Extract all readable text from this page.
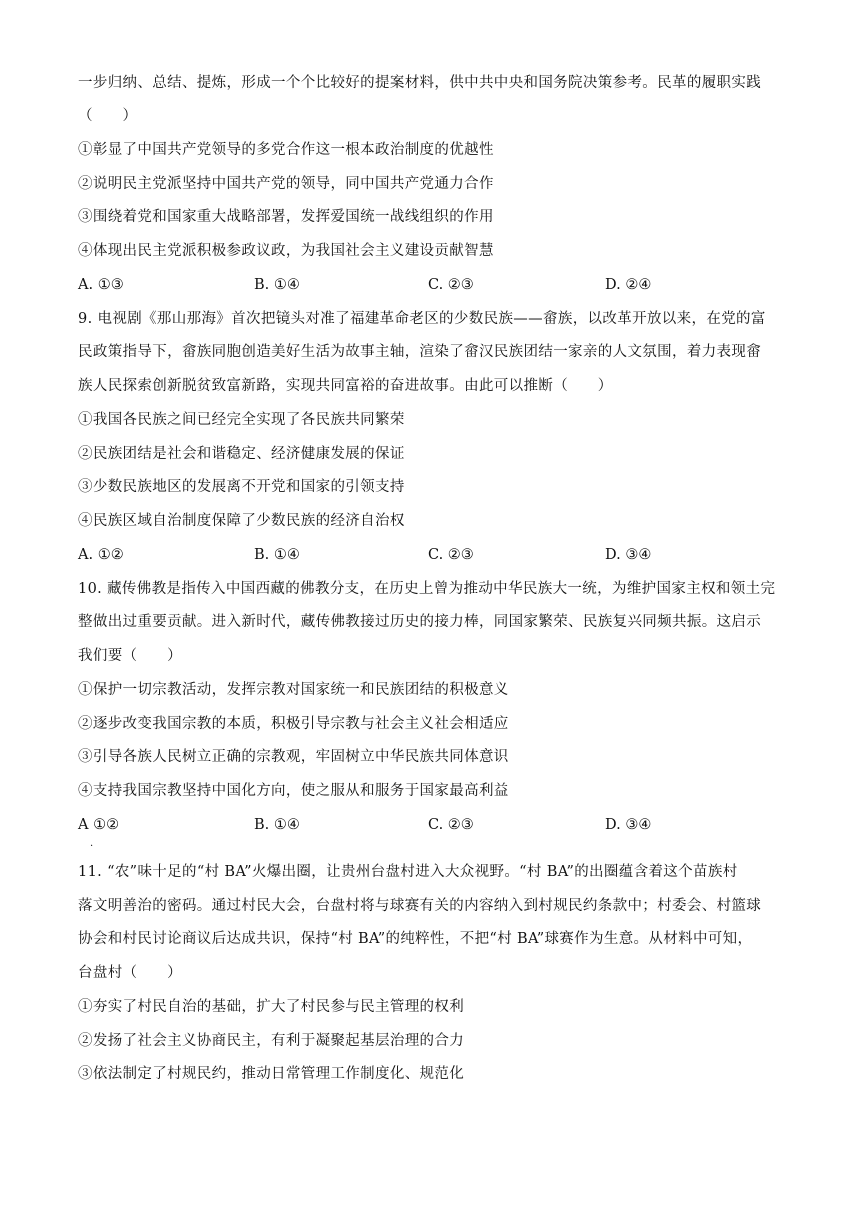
一步归纳、总结、提炼，形成一个个比较好的提案材料，供中共中央和国务院决策参考。民革的履职实践
（　　）
①彰显了中国共产党领导的多党合作这一根本政治制度的优越性
②说明民主党派坚持中国共产党的领导，同中国共产党通力合作
③围绕着党和国家重大战略部署，发挥爱国统一战线组织的作用
④体现出民主党派积极参政议政，为我国社会主义建设贡献智慧
A. ①③	B. ①④	C. ②③	D. ②④
9. 电视剧《那山那海》首次把镜头对准了福建革命老区的少数民族——畲族，以改革开放以来，在党的富
民政策指导下，畲族同胞创造美好生活为故事主轴，渲染了畲汉民族团结一家亲的人文氛围，着力表现畲
族人民探索创新脱贫致富新路，实现共同富裕的奋进故事。由此可以推断（　　）
①我国各民族之间已经完全实现了各民族共同繁荣
②民族团结是社会和谐稳定、经济健康发展的保证
③少数民族地区的发展离不开党和国家的引领支持
④民族区域自治制度保障了少数民族的经济自治权
A. ①②	B. ①④	C. ②③	D. ③④
10. 藏传佛教是指传入中国西藏的佛教分支，在历史上曾为推动中华民族大一统，为维护国家主权和领土完
整做出过重要贡献。进入新时代，藏传佛教接过历史的接力棒，同国家繁荣、民族复兴同频共振。这启示
我们要（　　）
①保护一切宗教活动，发挥宗教对国家统一和民族团结的积极意义
②逐步改变我国宗教的本质，积极引导宗教与社会主义社会相适应
③引导各族人民树立正确的宗教观，牢固树立中华民族共同体意识
④支持我国宗教坚持中国化方向，使之服从和服务于国家最高利益
A ①②	B. ①④	C. ②③	D. ③④
.
11. “农”味十足的“村 BA”火爆出圈，让贵州台盘村进入大众视野。“村 BA”的出圈蕴含着这个苗族村
落文明善治的密码。通过村民大会，台盘村将与球赛有关的内容纳入到村规民约条款中；村委会、村篮球
协会和村民讨论商议后达成共识，保持“村 BA”的纯粹性，不把“村 BA”球赛作为生意。从材料中可知，
台盘村（　　）
①夯实了村民自治的基础，扩大了村民参与民主管理的权利
②发扬了社会主义协商民主，有利于凝聚起基层治理的合力
③依法制定了村规民约，推动日常管理工作制度化、规范化
